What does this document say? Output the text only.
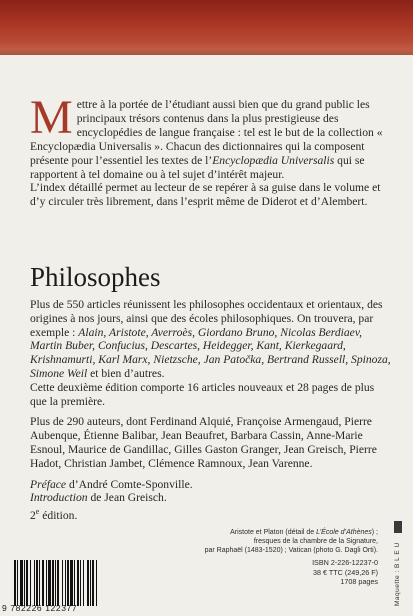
M ettre à la portée de l’étudiant aussi bien que du grand public les principaux trésors contenus dans la plus prestigieuse des encyclopédies de langue française : tel est le but de la collection « Encyclopædia Universalis ». Chacun des dictionnaires qui la composent présente pour l’essentiel les textes de l’Encyclopædia Universalis qui se rapportent à tel domaine ou à tel sujet d’intérêt majeur.

L’index détaillé permet au lecteur de se repérer à sa guise dans le volume et d’y circuler très librement, dans l’esprit même de Diderot et d’Alembert.

Philosophes

Plus de 550 articles réunissent les philosophes occidentaux et orientaux, des origines à nos jours, ainsi que des écoles philosophiques. On trouvera, par exemple : Alain, Aristote, Averroès, Giordano Bruno, Nicolas Berdiaev, Martin Buber, Confucius, Descartes, Heidegger, Kant, Kierkegaard, Krishnamurti, Karl Marx, Nietzsche, Jan Patočka, Bertrand Russell, Spinoza, Simone Weil et bien d’autres.
Cette deuxième édition comporte 16 articles nouveaux et 28 pages de plus que la première.

Plus de 290 auteurs, dont Ferdinand Alquié, Françoise Armengaud, Pierre Aubenque, Étienne Balibar, Jean Beaufret, Barbara Cassin, Anne-Marie Esnoul, Maurice de Gandillac, Gilles Gaston Granger, Jean Greisch, Pierre Hadot, Christian Jambet, Clémence Ramnoux, Jean Varenne.

Préface d’André Comte-Sponville.
Introduction de Jean Greisch.

2e édition.

Aristote et Platon (détail de L’École d’Athènes) ;
fresques de la chambre de la Signature,
par Raphaël (1483-1520) ; Vatican (photo G. Dagli Orti).
ISBN 2-226-12237-0
38 € TTC (249,26 F)
1708 pages
9 782226 122377
Maquette : B L E U
